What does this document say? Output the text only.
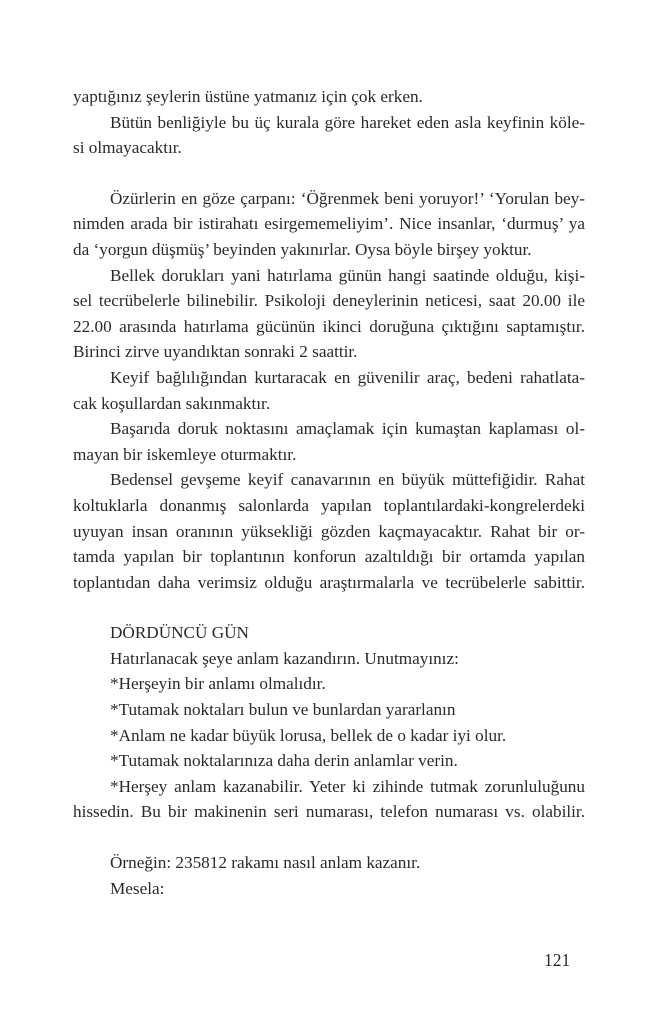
yaptığınız şeylerin üstüne yatmanız için çok erken.
Bütün benliğiyle bu üç kurala göre hareket eden asla keyfinin köle-
si olmayacaktır.
Özürlerin en göze çarpanı: ‘Öğrenmek beni yoruyor!’ ‘Yorulan bey-
nimden arada bir istirahatı esirgememeliyim’. Nice insanlar, ‘durmuş’ ya
da ‘yorgun düşmüş’ beyinden yakınırlar. Oysa böyle birşey yoktur.
Bellek dorukları yani hatırlama günün hangi saatinde olduğu, kişi-
sel tecrübelerle bilinebilir. Psikoloji deneylerinin neticesi, saat 20.00 ile
22.00 arasında hatırlama gücünün ikinci doruğuna çıktığını saptamıştır.
Birinci zirve uyandıktan sonraki 2 saattir.
Keyif bağlılığından kurtaracak en güvenilir araç, bedeni rahatlata-
cak koşullardan sakınmaktır.
Başarıda doruk noktasını amaçlamak için kumaştan kaplaması ol-
mayan bir iskemleye oturmaktır.
Bedensel gevşeme keyif canavarının en büyük müttefiğidir. Rahat
koltuklarla donanmış salonlarda yapılan toplantılardaki-kongrelerdeki
uyuyan insan oranının yüksekliği gözden kaçmayacaktır. Rahat bir or-
tamda yapılan bir toplantının konforun azaltıldığı bir ortamda yapılan
toplantıdan daha verimsiz olduğu araştırmalarla ve tecrübelerle sabittir.
DÖRDÜNCÜ GÜN
Hatırlanacak şeye anlam kazandırın. Unutmayınız:
*Herşeyin bir anlamı olmalıdır.
*Tutamak noktaları bulun ve bunlardan yararlanın
*Anlam ne kadar büyük lorusa, bellek de o kadar iyi olur.
*Tutamak noktalarınıza daha derin anlamlar verin.
*Herşey anlam kazanabilir. Yeter ki zihinde tutmak zorunluluğunu
hissedin. Bu bir makinenin seri numarası, telefon numarası vs. olabilir.
Örneğin: 235812 rakamı nasıl anlam kazanır.
Mesela:
121
